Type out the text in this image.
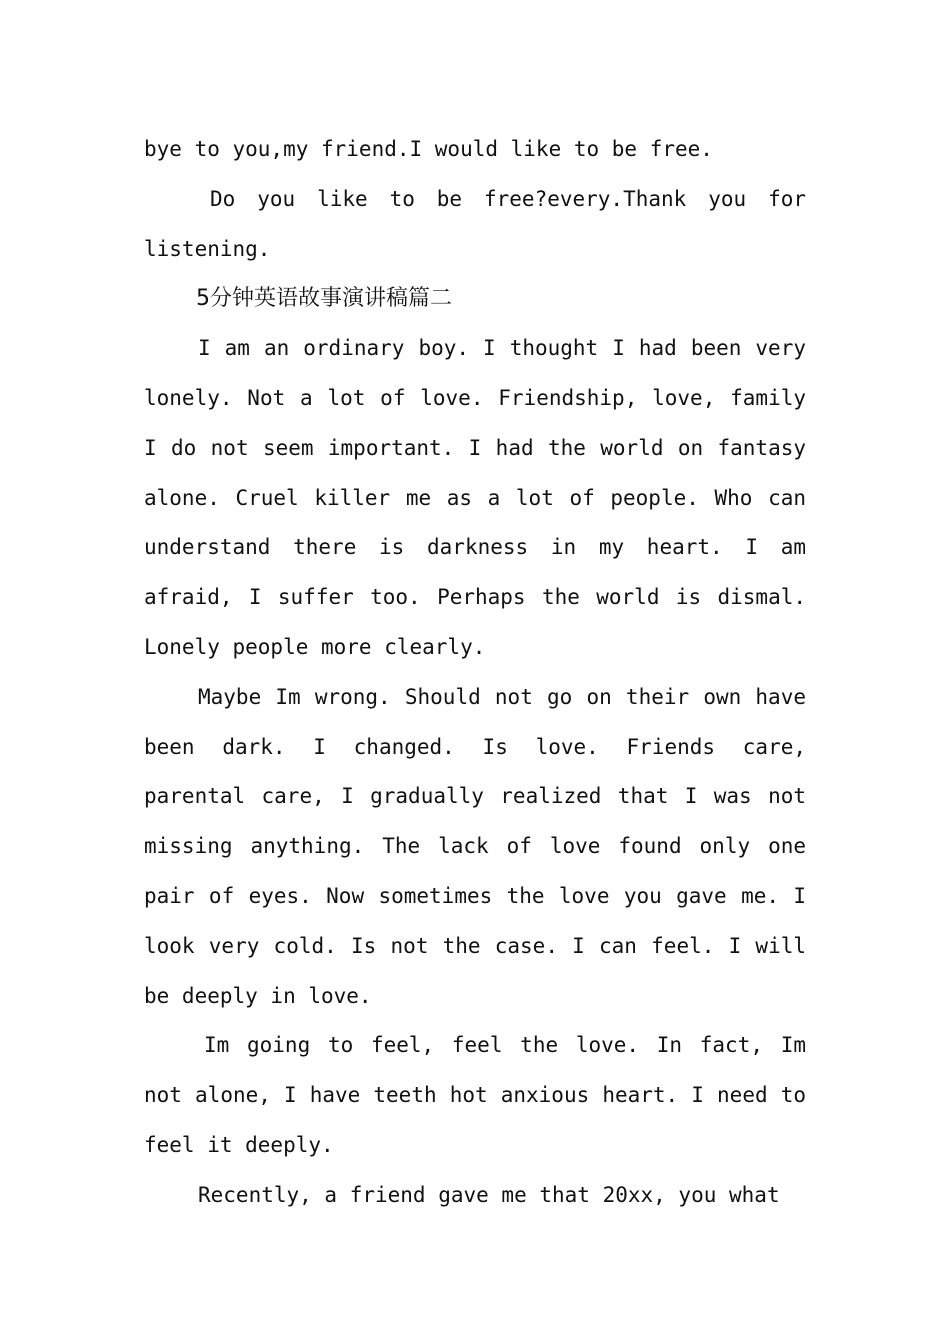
bye to you,my friend.I would like to be free.

Do you like to be free?every.Thank you for listening.

5分钟英语故事演讲稿篇二

I am an ordinary boy. I thought I had been very lonely. Not a lot of love. Friendship, love, family I do not seem important. I had the world on fantasy alone. Cruel killer me as a lot of people. Who can understand there is darkness in my heart. I am afraid, I suffer too. Perhaps the world is dismal. Lonely people more clearly.

Maybe Im wrong. Should not go on their own have been dark. I changed. Is love. Friends care, parental care, I gradually realized that I was not missing anything. The lack of love found only one pair of eyes. Now sometimes the love you gave me. I look very cold. Is not the case. I can feel. I will be deeply in love.

Im going to feel, feel the love. In fact, Im not alone, I have teeth hot anxious heart. I need to feel it deeply.

Recently, a friend gave me that 20xx, you what
